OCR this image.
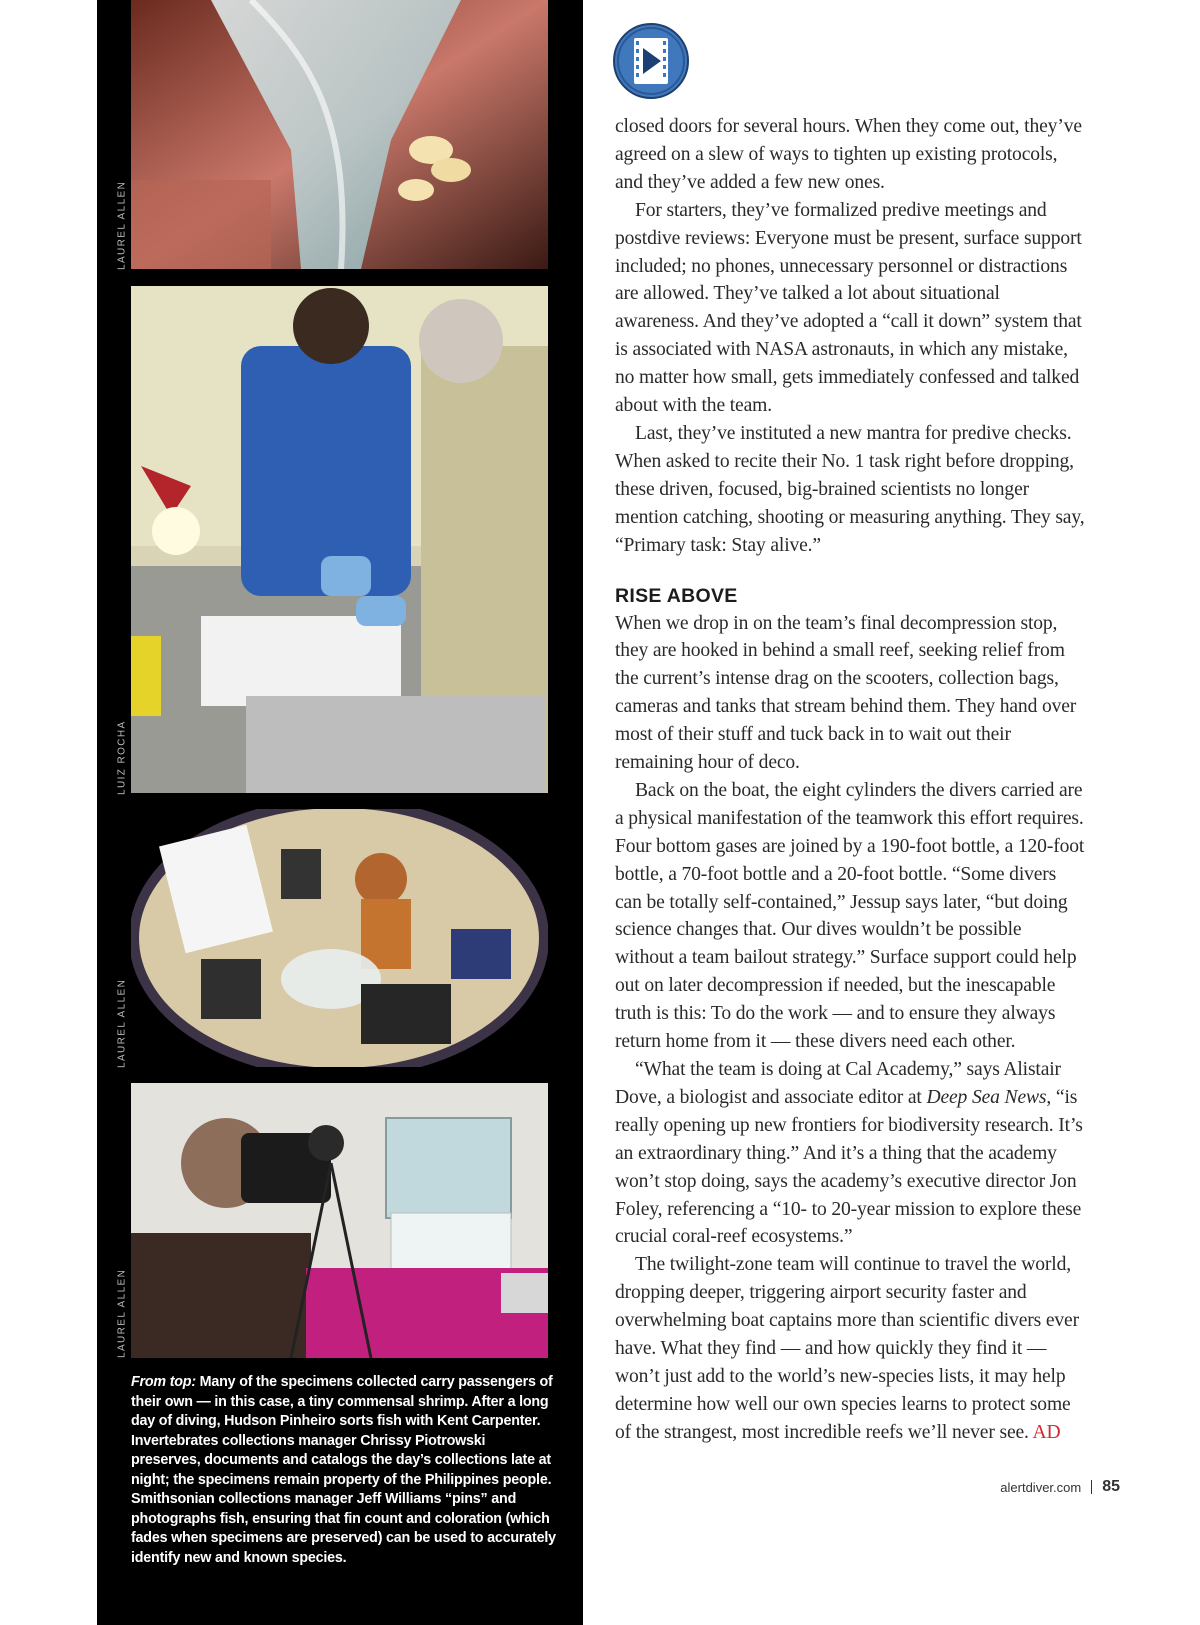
LAUREL ALLEN
LUIZ ROCHA
LAUREL ALLEN
LAUREL ALLEN
From top: Many of the specimens collected carry passengers of their own — in this case, a tiny commensal shrimp. After a long day of diving, Hudson Pinheiro sorts fish with Kent Carpenter. Invertebrates collections manager Chrissy Piotrowski preserves, documents and catalogs the day’s collections late at night; the specimens remain property of the Philippines people. Smithsonian collections manager Jeff Williams “pins” and photographs fish, ensuring that fin count and coloration (which fades when specimens are preserved) can be used to accurately identify new and known species.

closed doors for several hours. When they come out, they’ve agreed on a slew of ways to tighten up existing protocols, and they’ve added a few new ones.

For starters, they’ve formalized predive meetings and postdive reviews: Everyone must be present, surface support included; no phones, unnecessary personnel or distractions are allowed. They’ve talked a lot about situational awareness. And they’ve adopted a “call it down” system that is associated with NASA astronauts, in which any mistake, no matter how small, gets immediately confessed and talked about with the team.

Last, they’ve instituted a new mantra for predive checks. When asked to recite their No. 1 task right before dropping, these driven, focused, big-brained scientists no longer mention catching, shooting or measuring anything. They say, “Primary task: Stay alive.”

RISE ABOVE

When we drop in on the team’s final decompression stop, they are hooked in behind a small reef, seeking relief from the current’s intense drag on the scooters, collection bags, cameras and tanks that stream behind them. They hand over most of their stuff and tuck back in to wait out their remaining hour of deco.

Back on the boat, the eight cylinders the divers carried are a physical manifestation of the teamwork this effort requires. Four bottom gases are joined by a 190-foot bottle, a 120-foot bottle, a 70-foot bottle and a 20-foot bottle. “Some divers can be totally self-contained,” Jessup says later, “but doing science changes that. Our dives wouldn’t be possible without a team bailout strategy.” Surface support could help out on later decompression if needed, but the inescapable truth is this: To do the work — and to ensure they always return home from it — these divers need each other.

“What the team is doing at Cal Academy,” says Alistair Dove, a biologist and associate editor at Deep Sea News, “is really opening up new frontiers for biodiversity research. It’s an extraordinary thing.” And it’s a thing that the academy won’t stop doing, says the academy’s executive director Jon Foley, referencing a “10- to 20-year mission to explore these crucial coral-reef ecosystems.”

The twilight-zone team will continue to travel the world, dropping deeper, triggering airport security faster and overwhelming boat captains more than scientific divers ever have. What they find — and how quickly they find it — won’t just add to the world’s new-species lists, it may help determine how well our own species learns to protect some of the strangest, most incredible reefs we’ll never see. AD

alertdiver.com 85
